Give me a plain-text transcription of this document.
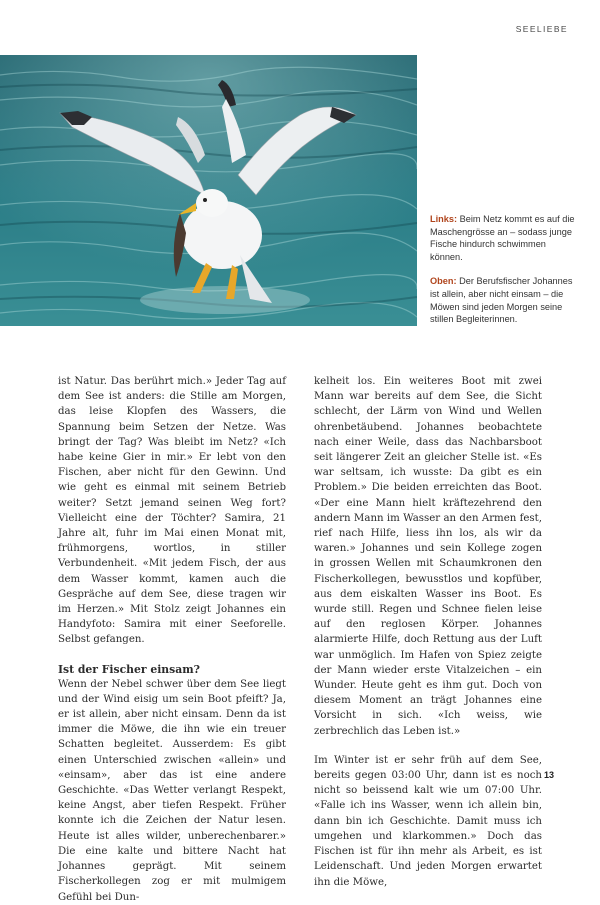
SEELIEBE

Links: Beim Netz kommt es auf die Maschengrösse an – sodass junge Fische hindurch schwimmen können.

Oben: Der Berufsfischer Johannes ist allein, aber nicht einsam – die Möwen sind jeden Morgen seine stillen Begleiterinnen.

ist Natur. Das berührt mich.» Jeder Tag auf dem See ist anders: die Stille am Morgen, das leise Klopfen des Wassers, die Spannung beim Setzen der Netze. Was bringt der Tag? Was bleibt im Netz? «Ich habe keine Gier in mir.» Er lebt von den Fischen, aber nicht für den Gewinn. Und wie geht es einmal mit seinem Betrieb weiter? Setzt jemand seinen Weg fort? Vielleicht eine der Töchter? Samira, 21 Jahre alt, fuhr im Mai einen Monat mit, frühmorgens, wortlos, in stiller Verbundenheit. «Mit jedem Fisch, der aus dem Wasser kommt, kamen auch die Gespräche auf dem See, diese tragen wir im Herzen.» Mit Stolz zeigt Johannes ein Handyfoto: Samira mit einer Seeforelle. Selbst gefangen.

Ist der Fischer einsam?

Wenn der Nebel schwer über dem See liegt und der Wind eisig um sein Boot pfeift? Ja, er ist allein, aber nicht einsam. Denn da ist immer die Möwe, die ihn wie ein treuer Schatten begleitet. Ausserdem: Es gibt einen Unterschied zwischen «allein» und «einsam», aber das ist eine andere Geschichte. «Das Wetter verlangt Respekt, keine Angst, aber tiefen Respekt. Früher konnte ich die Zeichen der Natur lesen. Heute ist alles wilder, unberechenbarer.» Die eine kalte und bittere Nacht hat Johannes geprägt. Mit seinem Fischerkollegen zog er mit mulmigem Gefühl bei Dun-

kelheit los. Ein weiteres Boot mit zwei Mann war bereits auf dem See, die Sicht schlecht, der Lärm von Wind und Wellen ohrenbetäubend. Johannes beobachtete nach einer Weile, dass das Nachbarsboot seit längerer Zeit an gleicher Stelle ist. «Es war seltsam, ich wusste: Da gibt es ein Problem.» Die beiden erreichten das Boot. «Der eine Mann hielt kräftezehrend den andern Mann im Wasser an den Armen fest, rief nach Hilfe, liess ihn los, als wir da waren.» Johannes und sein Kollege zogen in grossen Wellen mit Schaumkronen den Fischerkollegen, bewusstlos und kopfüber, aus dem eiskalten Wasser ins Boot. Es wurde still. Regen und Schnee fielen leise auf den reglosen Körper. Johannes alarmierte Hilfe, doch Rettung aus der Luft war unmöglich. Im Hafen von Spiez zeigte der Mann wieder erste Vitalzeichen – ein Wunder. Heute geht es ihm gut. Doch von diesem Moment an trägt Johannes eine Vorsicht in sich. «Ich weiss, wie zerbrechlich das Leben ist.»

Im Winter ist er sehr früh auf dem See, bereits gegen 03:00 Uhr, dann ist es noch nicht so beissend kalt wie um 07:00 Uhr. «Falle ich ins Wasser, wenn ich allein bin, dann bin ich Geschichte. Damit muss ich umgehen und klarkommen.» Doch das Fischen ist für ihn mehr als Arbeit, es ist Leidenschaft. Und jeden Morgen erwartet ihn die Möwe,

13
